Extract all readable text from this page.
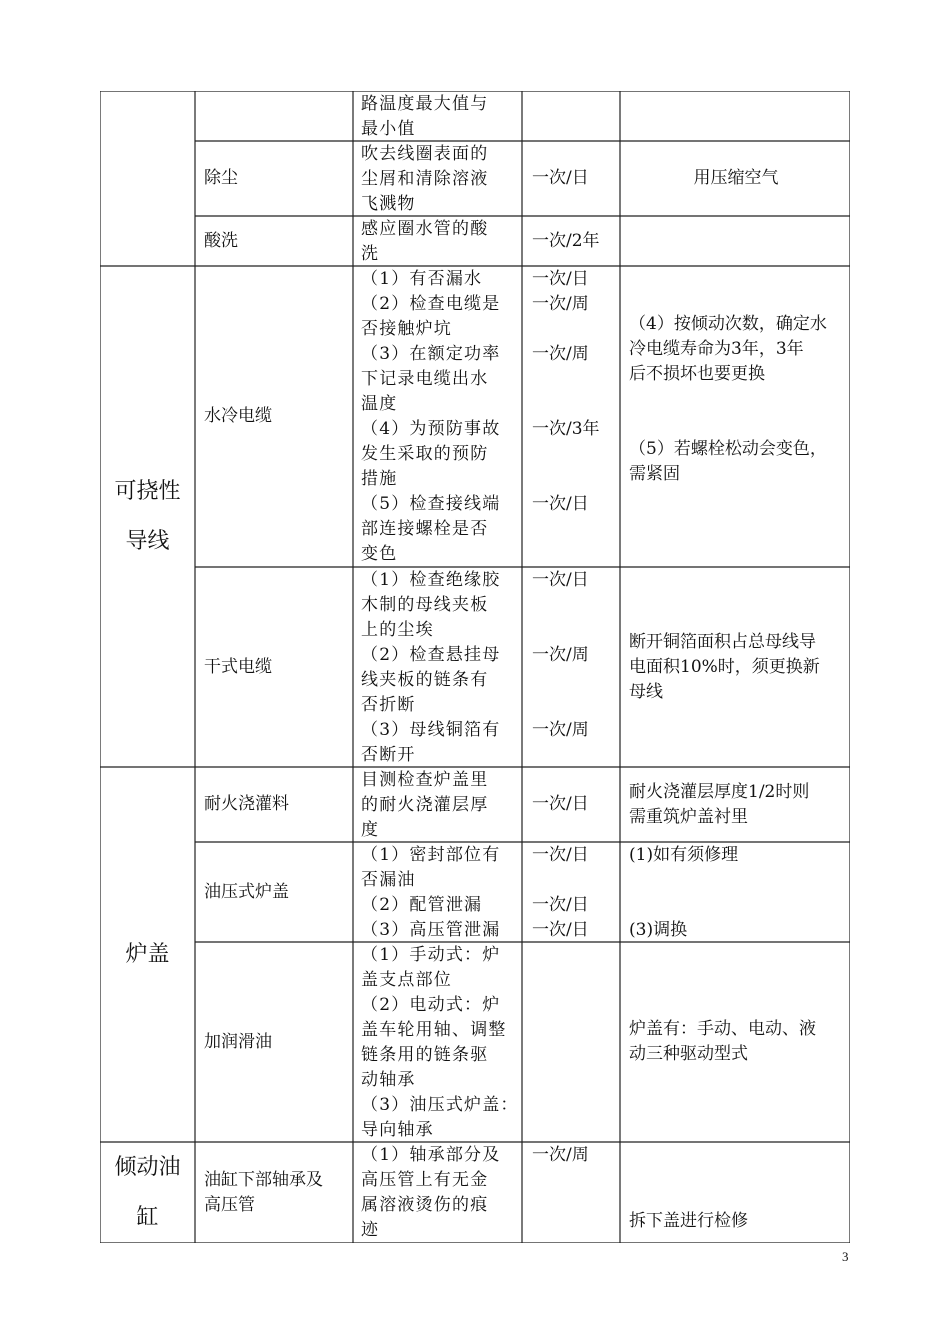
路温度最大值与
最小值
除尘
吹去线圈表面的
尘屑和清除溶液
飞溅物
一次/日	用压缩空气
酸洗
感应圈水管的酸
洗
一次/2年
水冷电缆
（1）有否漏水
（2）检查电缆是
否接触炉坑
（3）在额定功率
下记录电缆出水
温度
（4）为预防事故
发生采取的预防
措施
（5）检查接线端
部连接螺栓是否
变色
一次/日
一次/周

一次/周

一次/3年

一次/日
（4）按倾动次数，确定水
冷电缆寿命为3年，3年
后不损坏也要更换

（5）若螺栓松动会变色，
需紧固
干式电缆
（1）检查绝缘胶
木制的母线夹板
上的尘埃
（2）检查悬挂母
线夹板的链条有
否折断
（3）母线铜箔有
否断开
一次/日

一次/周

一次/周
断开铜箔面积占总母线导
电面积10%时，须更换新
母线
耐火浇灌料
目测检查炉盖里
的耐火浇灌层厚
度
一次/日
耐火浇灌层厚度1/2时则
需重筑炉盖衬里
油压式炉盖
（1）密封部位有
否漏油
（2）配管泄漏
（3）高压管泄漏
一次/日

一次/日
一次/日
(1)如有须修理

(3)调换
加润滑油
（1）手动式：炉
盖支点部位
（2）电动式：炉
盖车轮用轴、调整
链条用的链条驱
动轴承
（3）油压式炉盖：
导向轴承
炉盖有：手动、电动、液
动三种驱动型式
油缸下部轴承及
高压管
（1）轴承部分及
高压管上有无金
属溶液烫伤的痕
迹
一次/周
拆下盖进行检修
可挠性
导线
炉盖
倾动油
缸
3
